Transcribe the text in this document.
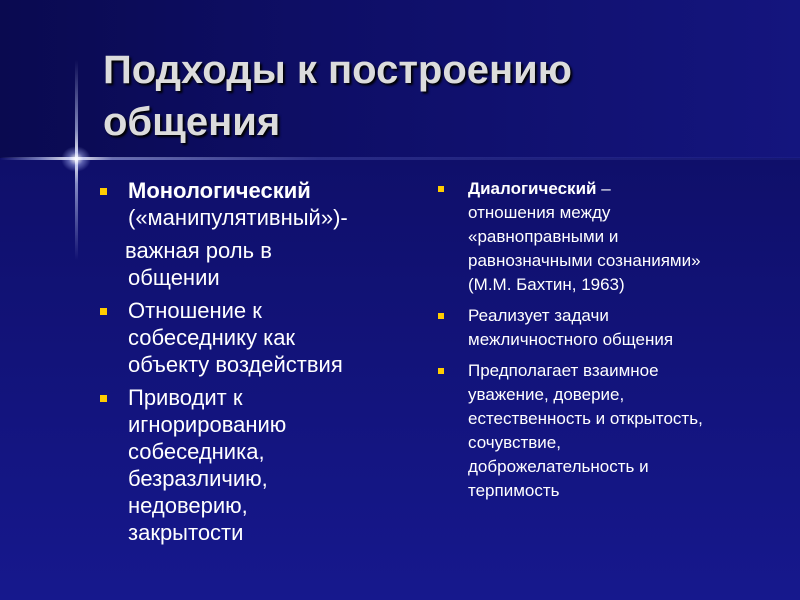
Подходы к построению
общения
Монологический
(«манипулятивный»)-
важная роль в
общении
Отношение к
собеседнику как
объекту воздействия
Приводит к
игнорированию
собеседника,
безразличию,
недоверию,
закрытости
Диалогический –
отношения между
«равноправными и
равнозначными сознаниями»
(М.М. Бахтин, 1963)
Реализует задачи
межличностного общения
Предполагает взаимное
уважение, доверие,
естественность и открытость,
сочувствие,
доброжелательность и
терпимость
